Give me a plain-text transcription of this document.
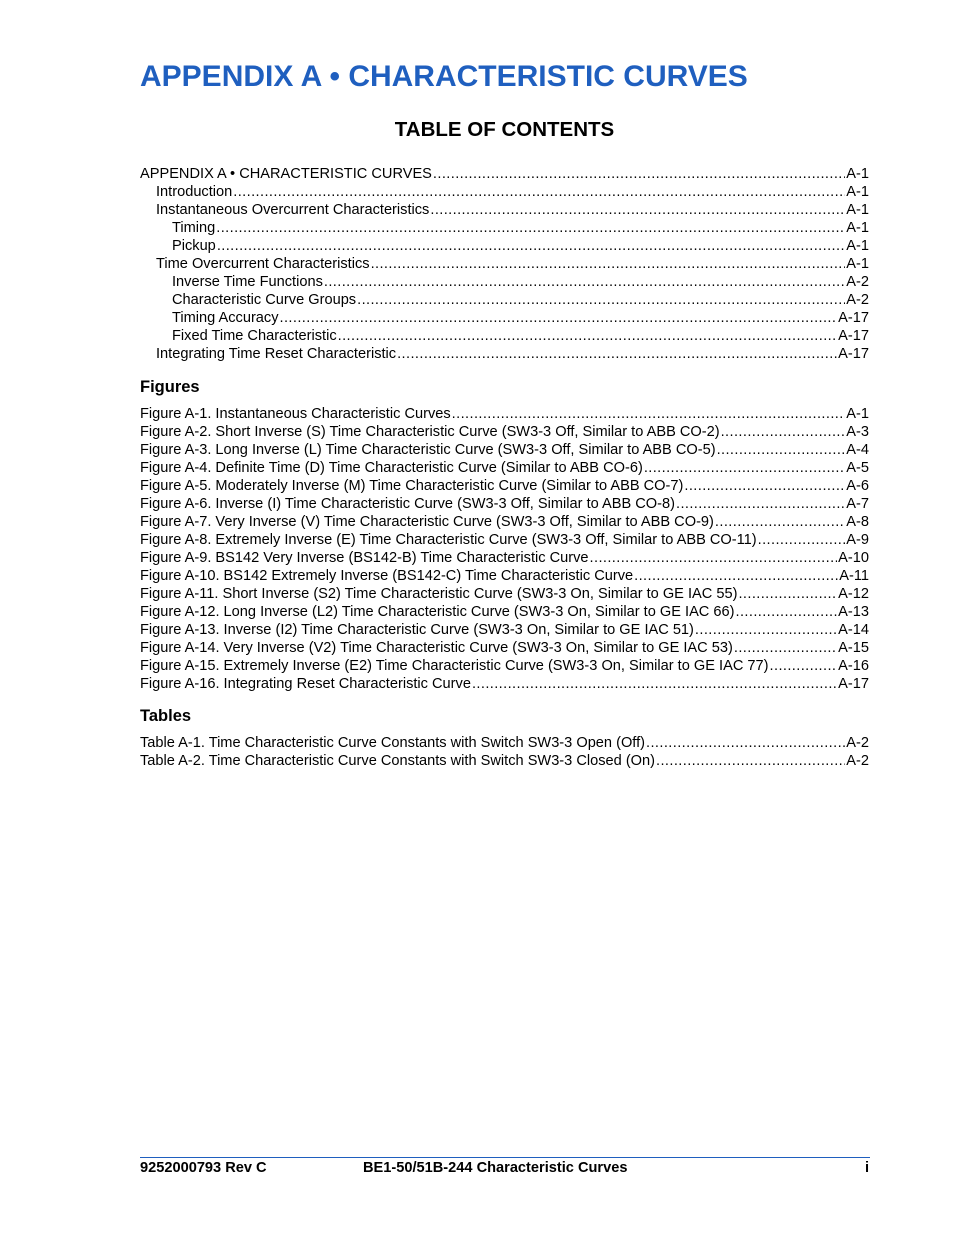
APPENDIX A • CHARACTERISTIC CURVES
TABLE OF CONTENTS
APPENDIX A • CHARACTERISTIC CURVES .....	A-1
Introduction .....	A-1
Instantaneous Overcurrent Characteristics .....	A-1
Timing .....	A-1
Pickup .....	A-1
Time Overcurrent Characteristics .....	A-1
Inverse Time Functions .....	A-2
Characteristic Curve Groups .....	A-2
Timing Accuracy .....	A-17
Fixed Time Characteristic .....	A-17
Integrating Time Reset Characteristic .....	A-17
Figures
Figure A-1. Instantaneous Characteristic Curves .....	A-1
Figure A-2. Short Inverse (S) Time Characteristic Curve (SW3-3 Off, Similar to ABB CO-2) .....	A-3
Figure A-3. Long Inverse (L) Time Characteristic Curve (SW3-3 Off, Similar to ABB CO-5) .....	A-4
Figure A-4. Definite Time (D) Time Characteristic Curve (Similar to ABB CO-6) .....	A-5
Figure A-5. Moderately Inverse (M) Time Characteristic Curve (Similar to ABB CO-7) .....	A-6
Figure A-6. Inverse (I) Time Characteristic Curve (SW3-3 Off, Similar to ABB CO-8) .....	A-7
Figure A-7. Very Inverse (V) Time Characteristic Curve (SW3-3 Off, Similar to ABB CO-9) .....	A-8
Figure A-8. Extremely Inverse (E) Time Characteristic Curve (SW3-3 Off, Similar to ABB CO-11) .....	A-9
Figure A-9. BS142 Very Inverse (BS142-B) Time Characteristic Curve .....	A-10
Figure A-10. BS142 Extremely Inverse (BS142-C) Time Characteristic Curve .....	A-11
Figure A-11. Short Inverse (S2) Time Characteristic Curve (SW3-3 On, Similar to GE IAC 55) .....	A-12
Figure A-12. Long Inverse (L2) Time Characteristic Curve (SW3-3 On, Similar to GE IAC 66) .....	A-13
Figure A-13. Inverse (I2) Time Characteristic Curve (SW3-3 On, Similar to GE IAC 51) .....	A-14
Figure A-14. Very Inverse (V2) Time Characteristic Curve (SW3-3 On, Similar to GE IAC 53) .....	A-15
Figure A-15. Extremely Inverse (E2) Time Characteristic Curve (SW3-3 On, Similar to GE IAC 77) .....	A-16
Figure A-16. Integrating Reset Characteristic Curve .....	A-17
Tables
Table A-1. Time Characteristic Curve Constants with Switch SW3-3 Open (Off) .....	A-2
Table A-2. Time Characteristic Curve Constants with Switch SW3-3 Closed (On) .....	A-2
9252000793 Rev C	BE1-50/51B-244 Characteristic Curves	i
